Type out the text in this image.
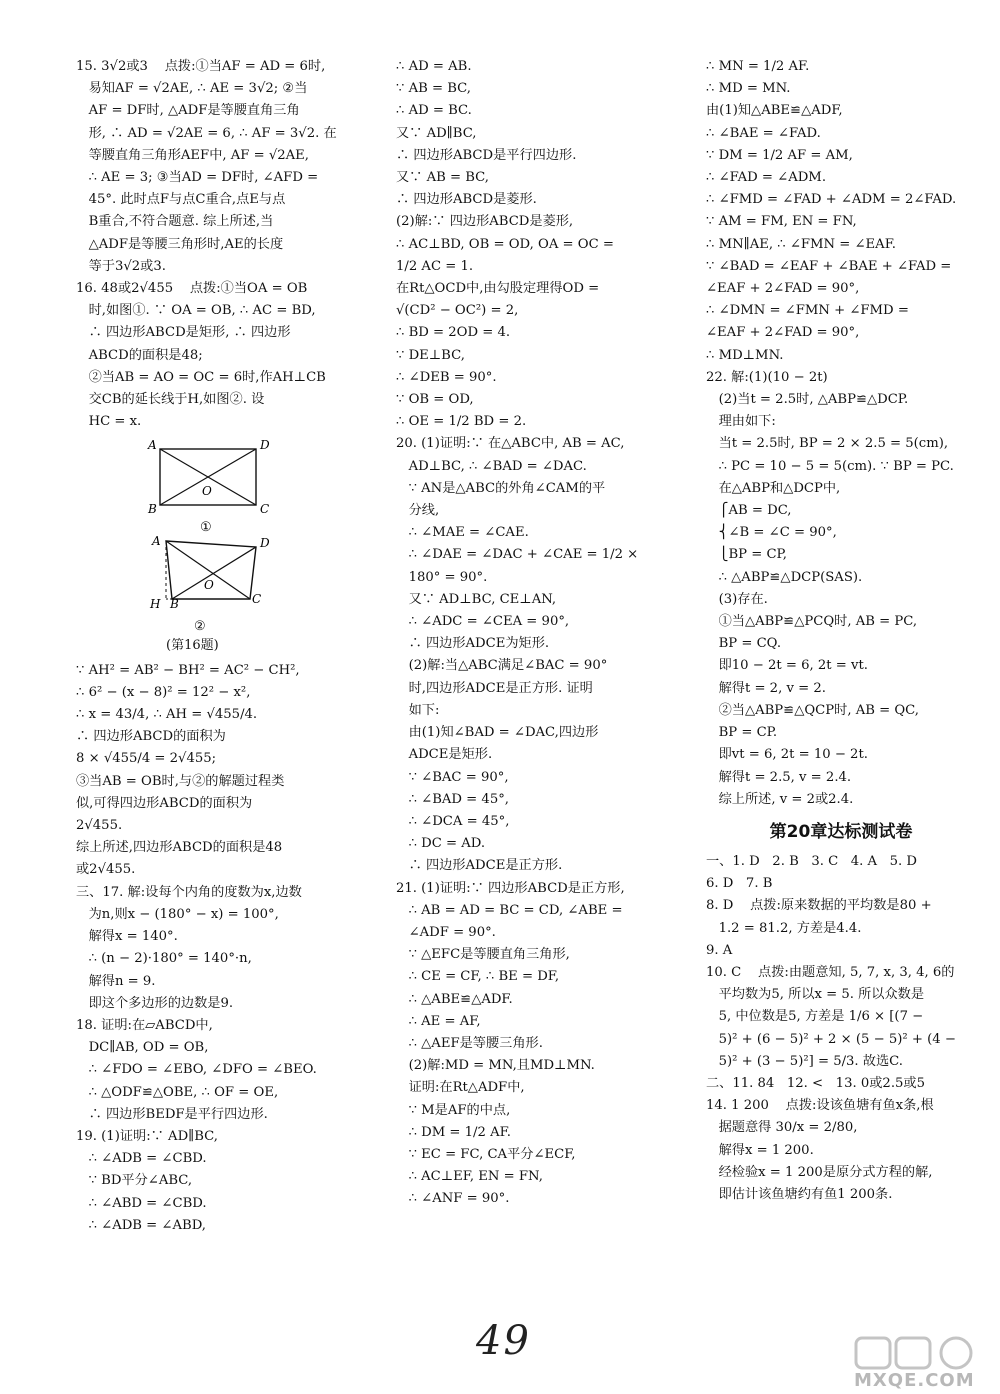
15. 3√2或3    点拨:①当AF = AD = 6时,
易知AF = √2AE, ∴ AE = 3√2; ②当
AF = DF时, △ADF是等腰直角三角
形, ∴ AD = √2AE = 6, ∴ AF = 3√2. 在
等腰直角三角形AEF中, AF = √2AE,
∴ AE = 3; ③当AD = DF时, ∠AFD =
45°. 此时点F与点C重合,点E与点
B重合,不符合题意. 综上所述,当
△ADF是等腰三角形时,AE的长度
等于3√2或3.
16. 48或2√455    点拨:①当OA = OB
时,如图①. ∵ OA = OB, ∴ AC = BD,
∴ 四边形ABCD是矩形, ∴ 四边形
ABCD的面积是48;
②当AB = AO = OC = 6时,作AH⊥CB
交CB的延长线于H,如图②. 设
HC = x.
A	D
B	C
O
①
A	D
H B	C
O
②
(第16题)
∵ AH² = AB² − BH² = AC² − CH²,
∴ 6² − (x − 8)² = 12² − x²,
∴ x = 43/4, ∴ AH = √455/4.
∴ 四边形ABCD的面积为
8 × √455/4 = 2√455;
③当AB = OB时,与②的解题过程类
似,可得四边形ABCD的面积为
2√455.
综上所述,四边形ABCD的面积是48
或2√455.
三、17. 解:设每个内角的度数为x,边数
为n,则x − (180° − x) = 100°,
解得x = 140°.
∴ (n − 2)·180° = 140°·n,
解得n = 9.
即这个多边形的边数是9.
18. 证明:在▱ABCD中,
DC∥AB, OD = OB,
∴ ∠FDO = ∠EBO, ∠DFO = ∠BEO.
∴ △ODF≌△OBE, ∴ OF = OE,
∴ 四边形BEDF是平行四边形.
19. (1)证明:∵ AD∥BC,
∴ ∠ADB = ∠CBD.
∵ BD平分∠ABC,
∴ ∠ABD = ∠CBD.
∴ ∠ADB = ∠ABD,
∴ AD = AB.
∵ AB = BC,
∴ AD = BC.
又∵ AD∥BC,
∴ 四边形ABCD是平行四边形.
又∵ AB = BC,
∴ 四边形ABCD是菱形.
(2)解:∵ 四边形ABCD是菱形,
∴ AC⊥BD, OB = OD, OA = OC =
1/2 AC = 1.
在Rt△OCD中,由勾股定理得OD =
√(CD² − OC²) = 2,
∴ BD = 2OD = 4.
∵ DE⊥BC,
∴ ∠DEB = 90°.
∵ OB = OD,
∴ OE = 1/2 BD = 2.
20. (1)证明:∵ 在△ABC中, AB = AC,
AD⊥BC, ∴ ∠BAD = ∠DAC.
∵ AN是△ABC的外角∠CAM的平
分线,
∴ ∠MAE = ∠CAE.
∴ ∠DAE = ∠DAC + ∠CAE = 1/2 ×
180° = 90°.
又∵ AD⊥BC, CE⊥AN,
∴ ∠ADC = ∠CEA = 90°,
∴ 四边形ADCE为矩形.
(2)解:当△ABC满足∠BAC = 90°
时,四边形ADCE是正方形. 证明
如下:
由(1)知∠BAD = ∠DAC,四边形
ADCE是矩形.
∵ ∠BAC = 90°,
∴ ∠BAD = 45°,
∴ ∠DCA = 45°,
∴ DC = AD.
∴ 四边形ADCE是正方形.
21. (1)证明:∵ 四边形ABCD是正方形,
∴ AB = AD = BC = CD, ∠ABE =
∠ADF = 90°.
∵ △EFC是等腰直角三角形,
∴ CE = CF, ∴ BE = DF,
∴ △ABE≌△ADF.
∴ AE = AF,
∴ △AEF是等腰三角形.
(2)解:MD = MN,且MD⊥MN.
证明:在Rt△ADF中,
∵ M是AF的中点,
∴ DM = 1/2 AF.
∵ EC = FC, CA平分∠ECF,
∴ AC⊥EF, EN = FN,
∴ ∠ANF = 90°.
∴ MN = 1/2 AF.
∴ MD = MN.
由(1)知△ABE≌△ADF,
∴ ∠BAE = ∠FAD.
∵ DM = 1/2 AF = AM,
∴ ∠FAD = ∠ADM.
∴ ∠FMD = ∠FAD + ∠ADM = 2∠FAD.
∵ AM = FM, EN = FN,
∴ MN∥AE, ∴ ∠FMN = ∠EAF.
∵ ∠BAD = ∠EAF + ∠BAE + ∠FAD =
∠EAF + 2∠FAD = 90°,
∴ ∠DMN = ∠FMN + ∠FMD =
∠EAF + 2∠FAD = 90°,
∴ MD⊥MN.
22. 解:(1)(10 − 2t)
(2)当t = 2.5时, △ABP≌△DCP.
理由如下:
当t = 2.5时, BP = 2 × 2.5 = 5(cm),
∴ PC = 10 − 5 = 5(cm). ∵ BP = PC.
在△ABP和△DCP中,
⎧AB = DC,
⎨∠B = ∠C = 90°,
⎩BP = CP,
∴ △ABP≌△DCP(SAS).
(3)存在.
①当△ABP≌△PCQ时, AB = PC,
BP = CQ.
即10 − 2t = 6, 2t = vt.
解得t = 2, v = 2.
②当△ABP≌△QCP时, AB = QC,
BP = CP.
即vt = 6, 2t = 10 − 2t.
解得t = 2.5, v = 2.4.
综上所述, v = 2或2.4.
第20章达标测试卷
一、1. D   2. B   3. C   4. A   5. D
6. D   7. B
8. D    点拨:原来数据的平均数是80 +
1.2 = 81.2, 方差是4.4.
9. A
10. C    点拨:由题意知, 5, 7, x, 3, 4, 6的
平均数为5, 所以x = 5. 所以众数是
5, 中位数是5, 方差是 1/6 × [(7 −
5)² + (6 − 5)² + 2 × (5 − 5)² + (4 −
5)² + (3 − 5)²] = 5/3. 故选C.
二、11. 84   12. <   13. 0或2.5或5
14. 1 200    点拨:设该鱼塘有鱼x条,根
据题意得 30/x = 2/80,
解得x = 1 200.
经检验x = 1 200是原分式方程的解,
即估计该鱼塘约有鱼1 200条.
49
MXQE.COM
